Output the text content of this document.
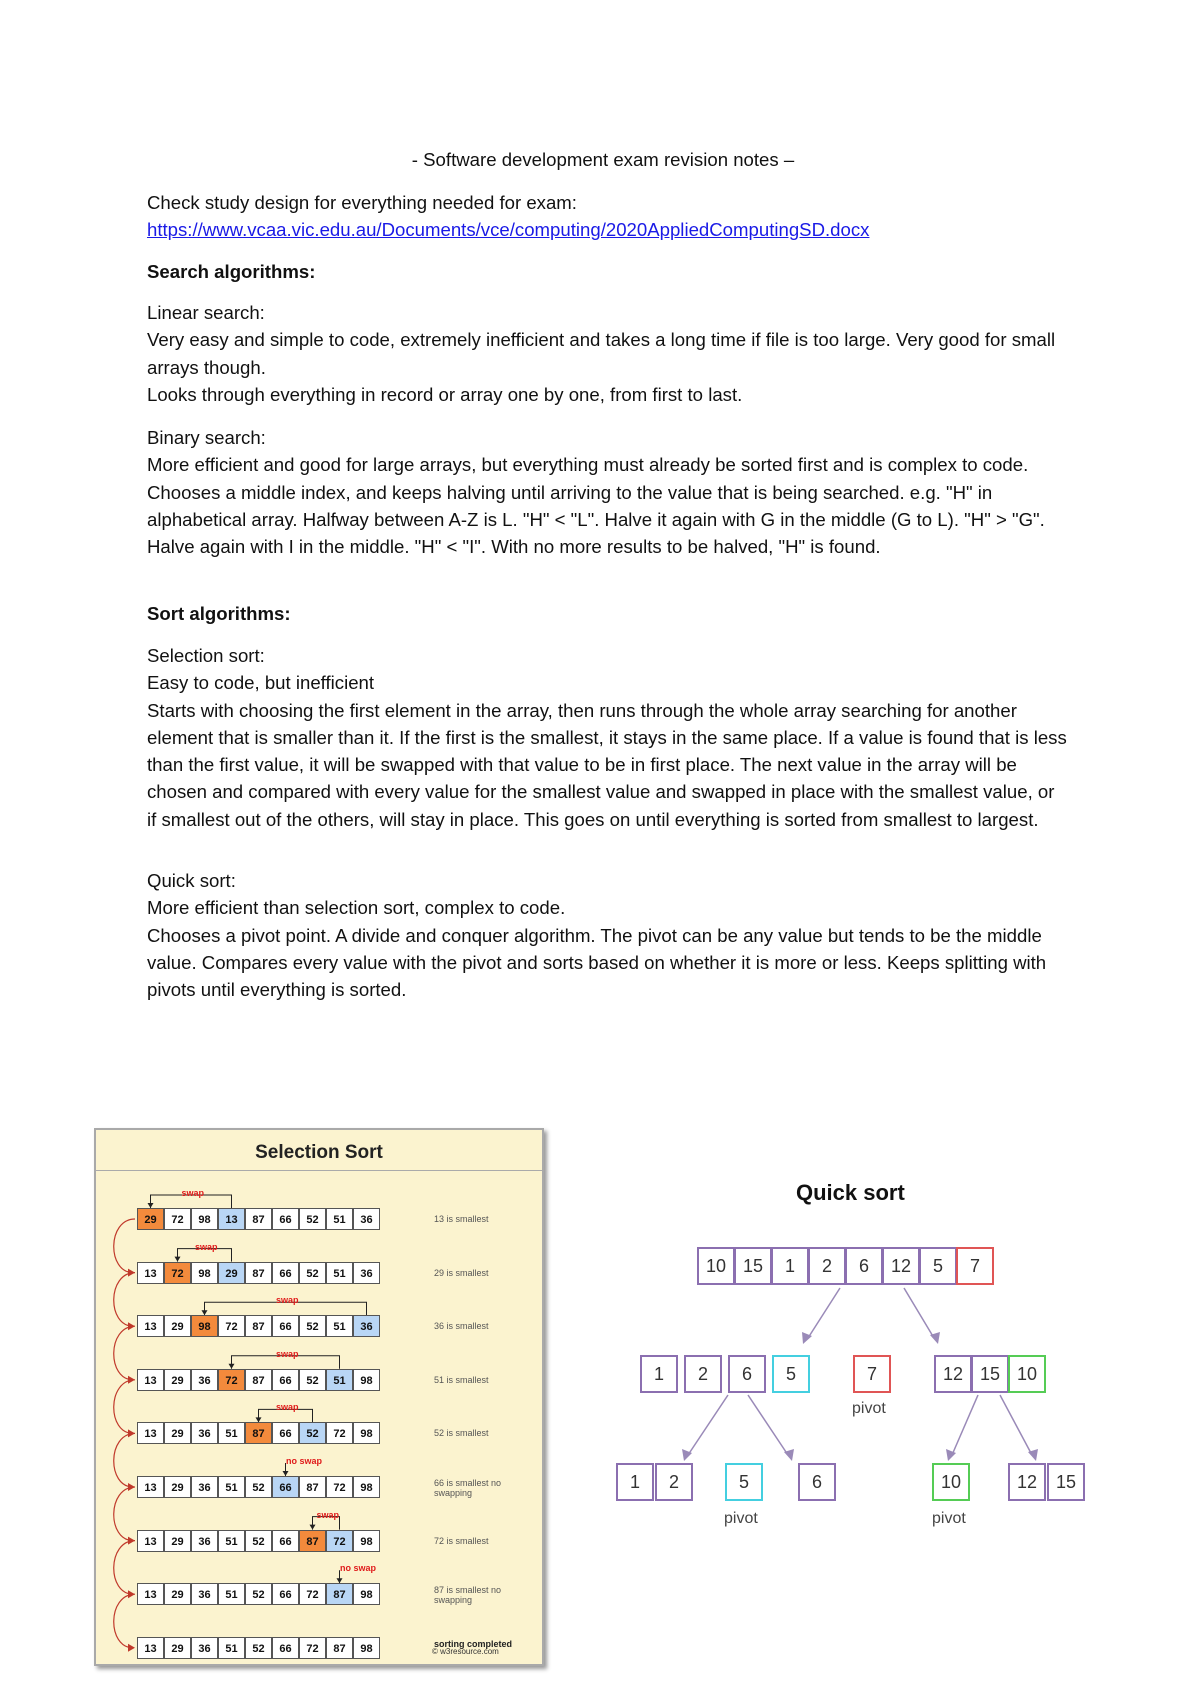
- Software development exam revision notes –

Check study design for everything needed for exam:

https://www.vcaa.vic.edu.au/Documents/vce/computing/2020AppliedComputingSD.docx

Search algorithms:

Linear search:

Very easy and simple to code, extremely inefficient and takes a long time if file is too large. Very good for small arrays though.

Looks through everything in record or array one by one, from first to last.

Binary search:

More efficient and good for large arrays, but everything must already be sorted first and is complex to code.

Chooses a middle index, and keeps halving until arriving to the value that is being searched. e.g. "H" in alphabetical array. Halfway between A-Z is L. "H" < "L". Halve it again with G in the middle (G to L). "H" > "G". Halve again with I in the middle. "H" < "I". With no more results to be halved, "H" is found.

Sort algorithms:

Selection sort:

Easy to code, but inefficient

Starts with choosing the first element in the array, then runs through the whole array searching for another element that is smaller than it. If the first is the smallest, it stays in the same place. If a value is found that is less than the first value, it will be swapped with that value to be in first place. The next value in the array will be chosen and compared with every value for the smallest value and swapped in place with the smallest value, or if smallest out of the others, will stay in place. This goes on until everything is sorted from smallest to largest.

Quick sort:

More efficient than selection sort, complex to code.

Chooses a pivot point. A divide and conquer algorithm. The pivot can be any value but tends to be the middle value. Compares every value with the pivot and sorts based on whether it is more or less. Keeps splitting with pivots until everything is sorted.

Selection Sort
© w3resource.com
29	72	98	13	87	66	52	51	36	13 is smallest
swap
13	72	98	29	87	66	52	51	36	29 is smallest
swap
13	29	98	72	87	66	52	51	36	36 is smallest
swap
13	29	36	72	87	66	52	51	98	51 is smallest
swap
13	29	36	51	87	66	52	72	98	52 is smallest
swap
13	29	36	51	52	66	87	72	98	66 is smallest no swapping
no swap
13	29	36	51	52	66	87	72	98	72 is smallest
swap
13	29	36	51	52	66	72	87	98	87 is smallest no swapping
no swap
13	29	36	51	52	66	72	87	98	sorting completed
Quick sort
10 15	1	2	6	12	5	7
1	2	6	5	7
pivot
12 15 10
1	2	5
pivot
6	10
pivot
12	15
